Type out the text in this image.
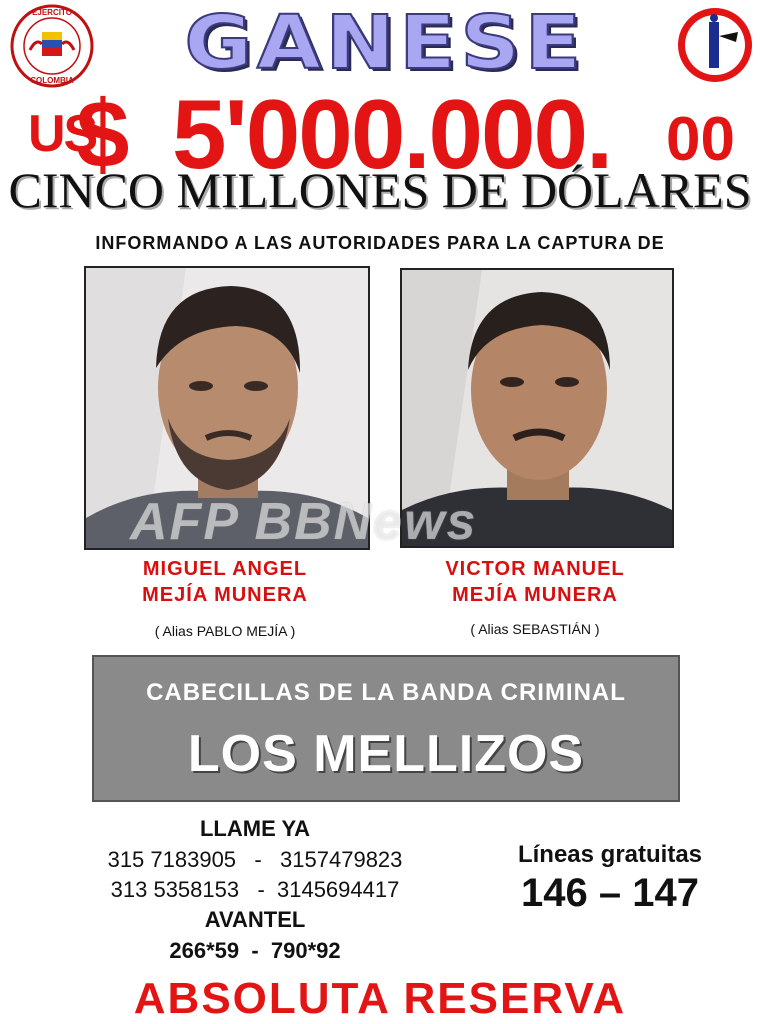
EJERCITO
COLOMBIA	GANESE
US
$ 5'000.000. 00
CINCO MILLONES DE DÓLARES
INFORMANDO A LAS AUTORIDADES PARA LA CAPTURA DE
AFP BBNews
MIGUEL ANGEL
MEJÍA MUNERA
( Alias PABLO MEJÍA )
VICTOR MANUEL
MEJÍA MUNERA
( Alias SEBASTIÁN )
CABECILLAS DE LA BANDA CRIMINAL
LOS MELLIZOS
LLAME YA
315 7183905   -   3157479823
313 5358153   -  3145694417
AVANTEL
266*59  -  790*92
Líneas gratuitas
146 – 147
ABSOLUTA RESERVA
